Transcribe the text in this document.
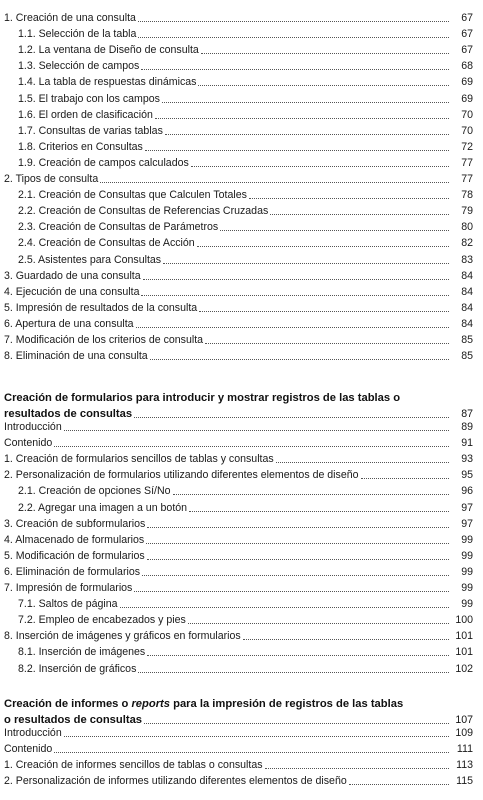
1. Creación de una consulta	67
1.1. Selección de la tabla	67
1.2. La ventana de Diseño de consulta	67
1.3. Selección de campos	68
1.4. La tabla de respuestas dinámicas	69
1.5. El trabajo con los campos	69
1.6. El orden de clasificación	70
1.7. Consultas de varias tablas	70
1.8. Criterios en Consultas	72
1.9. Creación de campos calculados	77
2. Tipos de consulta	77
2.1. Creación de Consultas que Calculen Totales	78
2.2. Creación de Consultas de Referencias Cruzadas	79
2.3. Creación de Consultas de Parámetros	80
2.4. Creación de Consultas de Acción	82
2.5. Asistentes para Consultas	83
3. Guardado de una consulta	84
4. Ejecución de una consulta	84
5. Impresión de resultados de la consulta	84
6. Apertura de una consulta	84
7. Modificación de los criterios de consulta	85
8. Eliminación de una consulta	85
Creación de formularios para introducir y mostrar registros de las tablas o
resultados de consultas	87
Introducción	89
Contenido	91
1. Creación de formularios sencillos de tablas y consultas	93
2. Personalización de formularios utilizando diferentes elementos de diseño	95
2.1. Creación de opciones Sí/No	96
2.2. Agregar una imagen a un botón	97
3. Creación de subformularios	97
4. Almacenado de formularios	99
5. Modificación de formularios	99
6. Eliminación de formularios	99
7. Impresión de formularios	99
7.1. Saltos de página	99
7.2. Empleo de encabezados y pies	100
8. Inserción de imágenes y gráficos en formularios	101
8.1. Inserción de imágenes	101
8.2. Inserción de gráficos	102
Creación de informes o reports para la impresión de registros de las tablas
o resultados de consultas	107
Introducción	109
Contenido	111
1. Creación de informes sencillos de tablas o consultas	113
2. Personalización de informes utilizando diferentes elementos de diseño	115
